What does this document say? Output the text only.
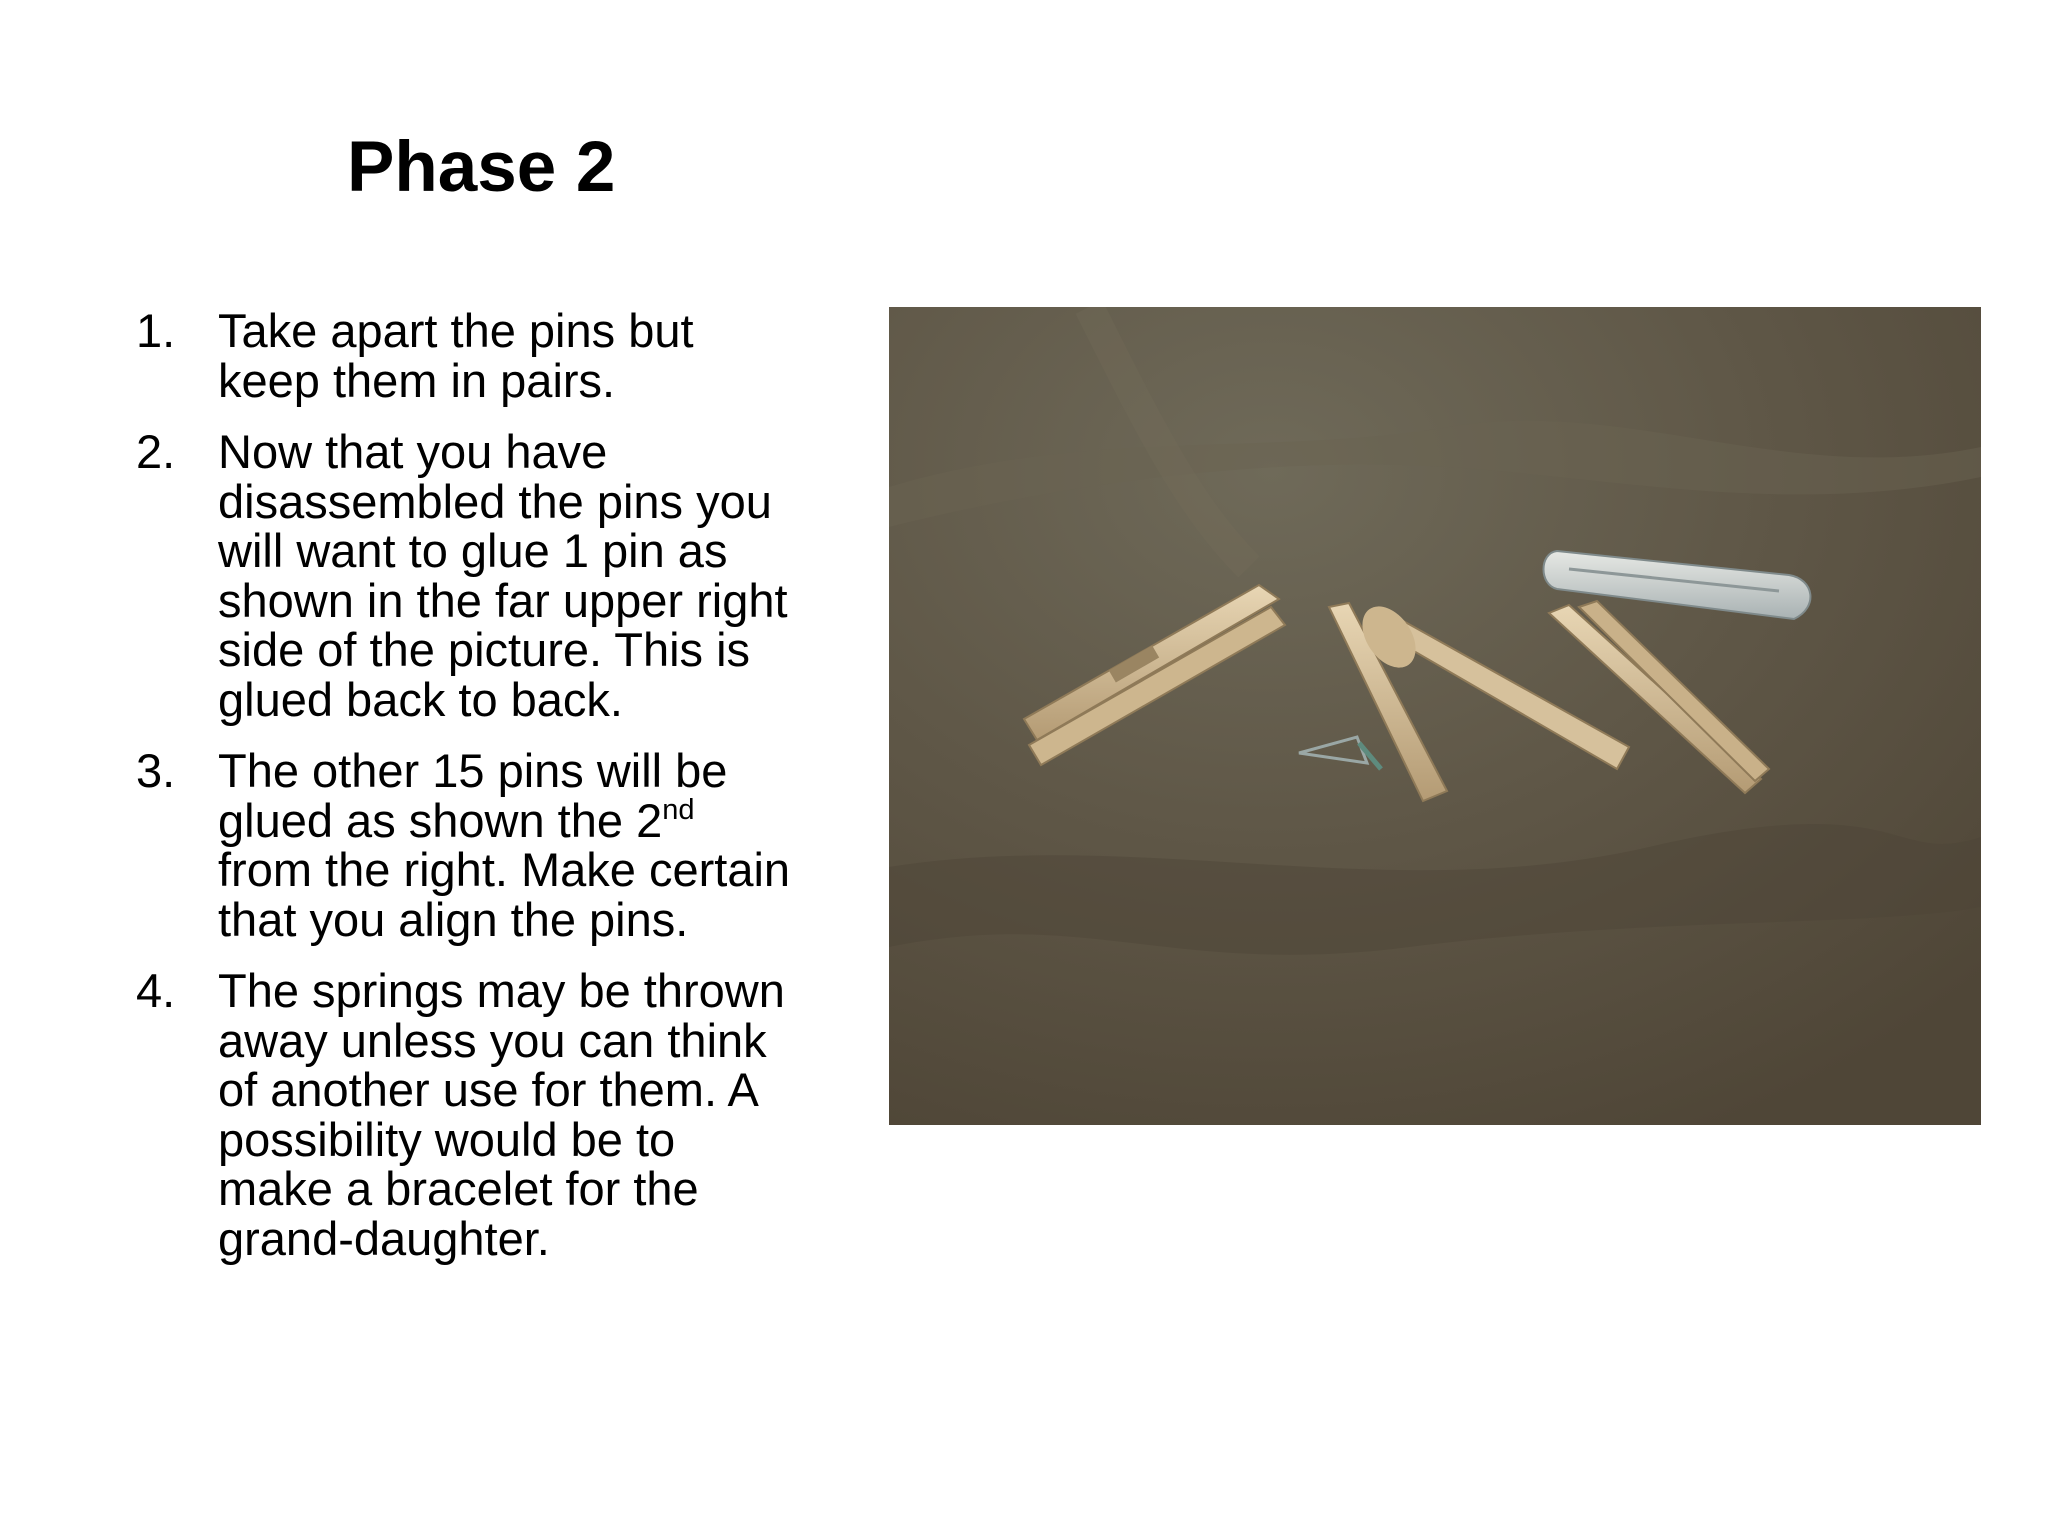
Phase 2
1. Take apart the pins but
keep them in pairs.
2. Now that you have
disassembled the pins you
will want to glue 1 pin as
shown in the far upper right
side of the picture. This is
glued back to back.
3. The other 15 pins will be
glued as shown the 2nd
from the right. Make certain
that you align the pins.
4. The springs may be thrown
away unless you can think
of another use for them. A
possibility would be to
make a bracelet for the
grand-daughter.
